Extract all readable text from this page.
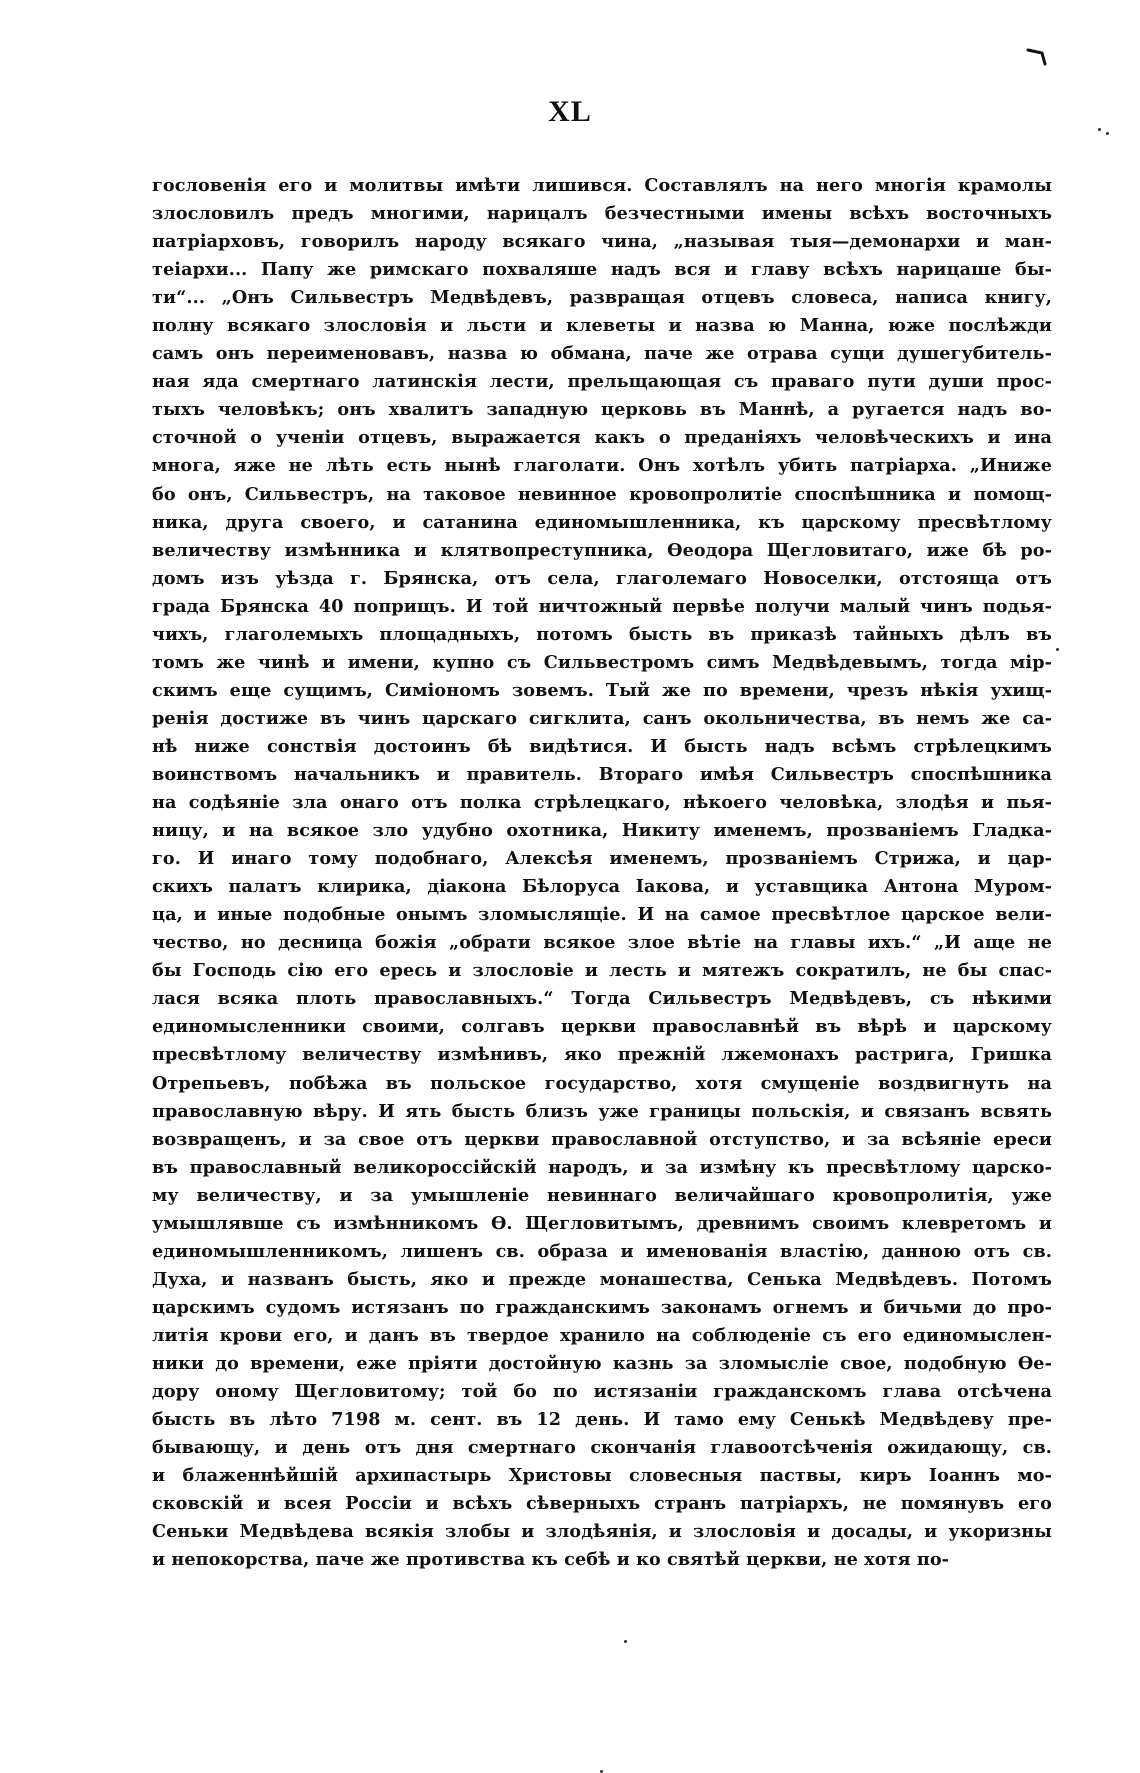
XL
гословенія его и молитвы имѣти лишився. Составлялъ на него многія крамолы
злословилъ предъ многими, нарицалъ безчестными имены всѣхъ восточныхъ
патріарховъ, говорилъ народу всякаго чина, „называя тыя—демонархи и ман-
теіархи... Папу же римскаго похваляше надъ вся и главу всѣхъ нарицаше бы-
ти“... „Онъ Сильвестръ Медвѣдевъ, развращая отцевъ словеса, написа книгу,
полну всякаго злословія и льсти и клеветы и назва ю Манна, юже послѣжди
самъ онъ переименовавъ, назва ю обмана, паче же отрава сущи душегубитель-
ная яда смертнаго латинскія лести, прельщающая съ праваго пути души прос-
тыхъ человѣкъ; онъ хвалитъ западную церковь въ Маннѣ, а ругается надъ во-
сточной о ученіи отцевъ, выражается какъ о преданіяхъ человѣческихъ и ина
многа, яже не лѣть есть нынѣ глаголати. Онъ хотѣлъ убить патріарха. „Иниже
бо онъ, Сильвестръ, на таковое невинное кровопролитіе споспѣшника и помощ-
ника, друга своего, и сатанина единомышленника, къ царскому пресвѣтлому
величеству измѣнника и клятвопреступника, Ѳеодора Щегловитаго, иже бѣ ро-
домъ изъ уѣзда г. Брянска, отъ села, глаголемаго Новоселки, отстояща отъ
града Брянска 40 поприщъ. И той ничтожный первѣе получи малый чинъ подья-
чихъ, глаголемыхъ площадныхъ, потомъ бысть въ приказѣ тайныхъ дѣлъ въ
томъ же чинѣ и имени, купно съ Сильвестромъ симъ Медвѣдевымъ, тогда мір-
скимъ еще сущимъ, Симіономъ зовемъ. Тый же по времени, чрезъ нѣкія ухищ-
ренія достиже въ чинъ царскаго сигклита, санъ окольничества, въ немъ же са-
нѣ ниже сонствія достоинъ бѣ видѣтися. И бысть надъ всѣмъ стрѣлецкимъ
воинствомъ начальникъ и правитель. Втораго имѣя Сильвестръ споспѣшника
на содѣяніе зла онаго отъ полка стрѣлецкаго, нѣкоего человѣка, злодѣя и пья-
ницу, и на всякое зло удубно охотника, Никиту именемъ, прозваніемъ Гладка-
го. И инаго тому подобнаго, Алексѣя именемъ, прозваніемъ Стрижа, и цар-
скихъ палатъ клирика, діакона Бѣлоруса Іакова, и уставщика Антона Муром-
ца, и иные подобные онымъ зломыслящіе. И на самое пресвѣтлое царское вели-
чество, но десница божія „обрати всякое злое вѣтіе на главы ихъ.“ „И аще не
бы Господь сію его ересь и злословіе и лесть и мятежъ сократилъ, не бы спас-
лася всяка плоть православныхъ.“ Тогда Сильвестръ Медвѣдевъ, съ нѣкими
единомысленники своими, солгавъ церкви православнѣй въ вѣрѣ и царскому
пресвѣтлому величеству измѣнивъ, яко прежній лжемонахъ растрига, Гришка
Отрепьевъ, побѣжа въ польское государство, хотя смущеніе воздвигнуть на
православную вѣру. И ять бысть близъ уже границы польскія, и связанъ всвять
возвращенъ, и за свое отъ церкви православной отступство, и за всѣяніе ереси
въ православный великороссійскій народъ, и за измѣну къ пресвѣтлому царско-
му величеству, и за умышленіе невиннаго величайшаго кровопролитія, уже
умышлявше съ измѣнникомъ Ѳ. Щегловитымъ, древнимъ своимъ клевретомъ и
единомышленникомъ, лишенъ св. образа и именованія властію, данною отъ св.
Духа, и названъ бысть, яко и прежде монашества, Сенька Медвѣдевъ. Потомъ
царскимъ судомъ истязанъ по гражданскимъ законамъ огнемъ и бичьми до про-
литія крови его, и данъ въ твердое хранило на соблюденіе съ его единомыслен-
ники до времени, еже пріяти достойную казнь за зломысліе свое, подобную Ѳе-
дору оному Щегловитому; той бо по истязаніи гражданскомъ глава отсѣчена
бысть въ лѣто 7198 м. сент. въ 12 день. И тамо ему Сенькѣ Медвѣдеву пре-
бывающу, и день отъ дня смертнаго скончанія главоотсѣченія ожидающу, св.
и блаженнѣйшій архипастырь Христовы словесныя паствы, киръ Іоаннъ мо-
сковскій и всея Россіи и всѣхъ сѣверныхъ странъ патріархъ, не помянувъ его
Сеньки Медвѣдева всякія злобы и злодѣянія, и злословія и досады, и укоризны
и непокорства, паче же противства къ себѣ и ко святѣй церкви, не хотя по-
